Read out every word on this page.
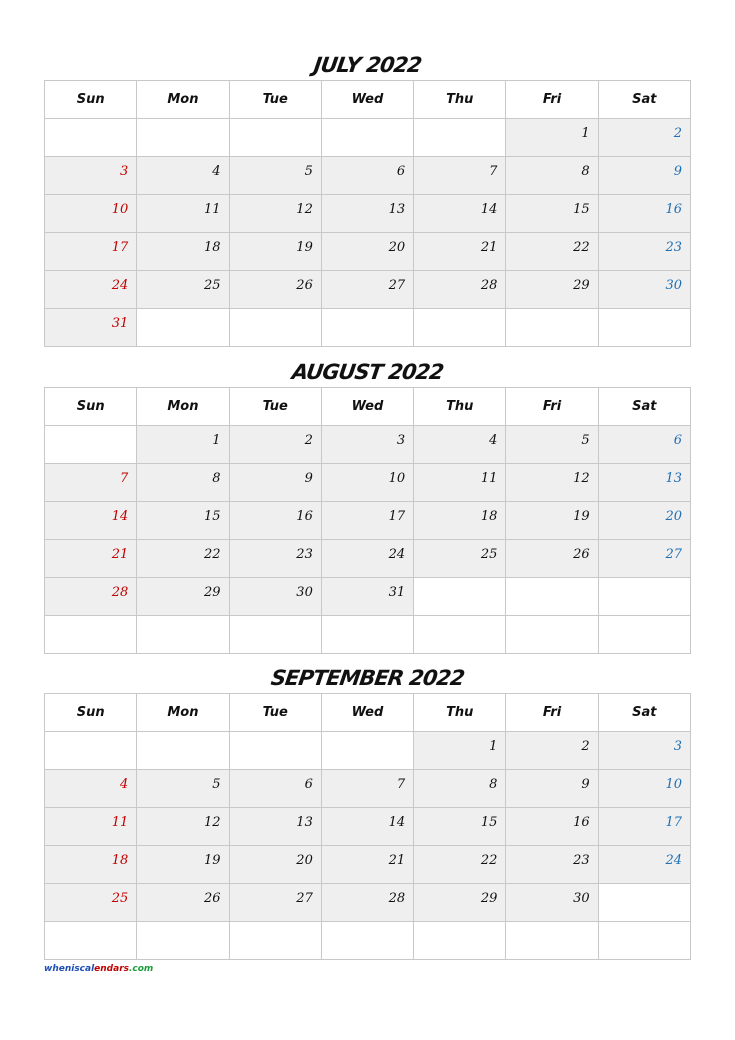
JULY 2022
Sun	Mon	Tue	Wed	Thu	Fri	Sat
					1	2
3	4	5	6	7	8	9
10	11	12	13	14	15	16
17	18	19	20	21	22	23
24	25	26	27	28	29	30
31						
AUGUST 2022
Sun	Mon	Tue	Wed	Thu	Fri	Sat
	1	2	3	4	5	6
7	8	9	10	11	12	13
14	15	16	17	18	19	20
21	22	23	24	25	26	27
28	29	30	31			

SEPTEMBER 2022
Sun	Mon	Tue	Wed	Thu	Fri	Sat
				1	2	3
4	5	6	7	8	9	10
11	12	13	14	15	16	17
18	19	20	21	22	23	24
25	26	27	28	29	30	

wheniscalendars.com
